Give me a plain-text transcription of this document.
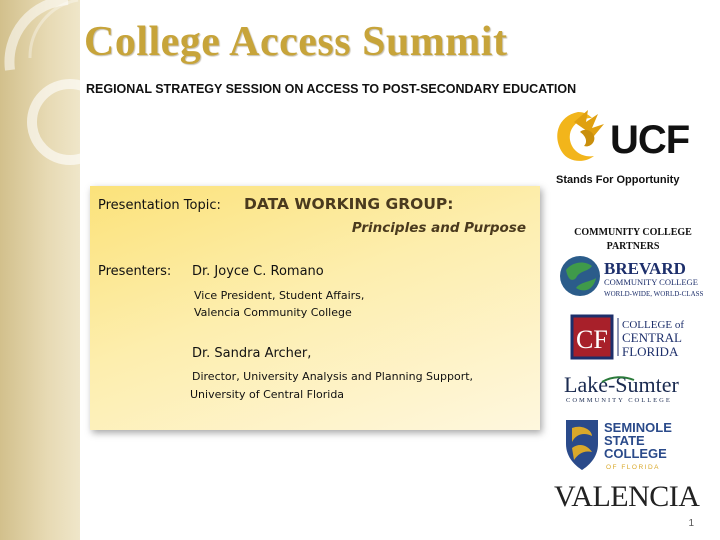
College Access Summit
REGIONAL STRATEGY SESSION ON ACCESS TO POST-SECONDARY EDUCATION
Presentation Topic: DATA WORKING GROUP:
Principles and Purpose
Presenters: Dr. Joyce C. Romano
Vice President, Student Affairs,
Valencia Community College
Dr. Sandra Archer,
Director, University Analysis and Planning Support,
University of Central Florida
UCF
Stands For Opportunity
COMMUNITY COLLEGE PARTNERS
BREVARD
COMMUNITY COLLEGE
WORLD-WIDE, WORLD-CLASS
CF COLLEGE of
CENTRAL
FLORIDA
Lake-Sumter
COMMUNITY COLLEGE
SEMINOLE
STATE
COLLEGE
OF FLORIDA
VALENCIA
1
